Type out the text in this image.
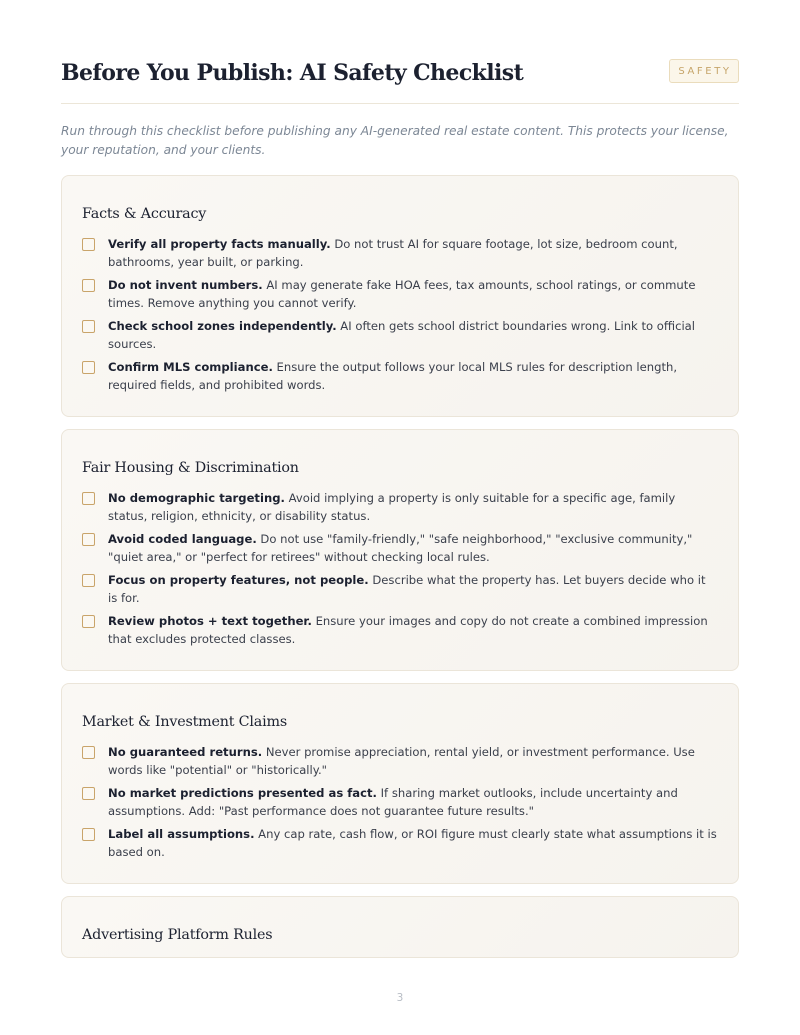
Before You Publish: AI Safety Checklist	SAFETY

Run through this checklist before publishing any AI-generated real estate content. This protects your license, your reputation, and your clients.

Facts & Accuracy
Verify all property facts manually. Do not trust AI for square footage, lot size, bedroom count, bathrooms, year built, or parking.
Do not invent numbers. AI may generate fake HOA fees, tax amounts, school ratings, or commute times. Remove anything you cannot verify.
Check school zones independently. AI often gets school district boundaries wrong. Link to official sources.
Confirm MLS compliance. Ensure the output follows your local MLS rules for description length, required fields, and prohibited words.
Fair Housing & Discrimination
No demographic targeting. Avoid implying a property is only suitable for a specific age, family status, religion, ethnicity, or disability status.
Avoid coded language. Do not use "family-friendly," "safe neighborhood," "exclusive community," "quiet area," or "perfect for retirees" without checking local rules.
Focus on property features, not people. Describe what the property has. Let buyers decide who it is for.
Review photos + text together. Ensure your images and copy do not create a combined impression that excludes protected classes.
Market & Investment Claims
No guaranteed returns. Never promise appreciation, rental yield, or investment performance. Use words like "potential" or "historically."
No market predictions presented as fact. If sharing market outlooks, include uncertainty and assumptions. Add: "Past performance does not guarantee future results."
Label all assumptions. Any cap rate, cash flow, or ROI figure must clearly state what assumptions it is based on.
Advertising Platform Rules
3
